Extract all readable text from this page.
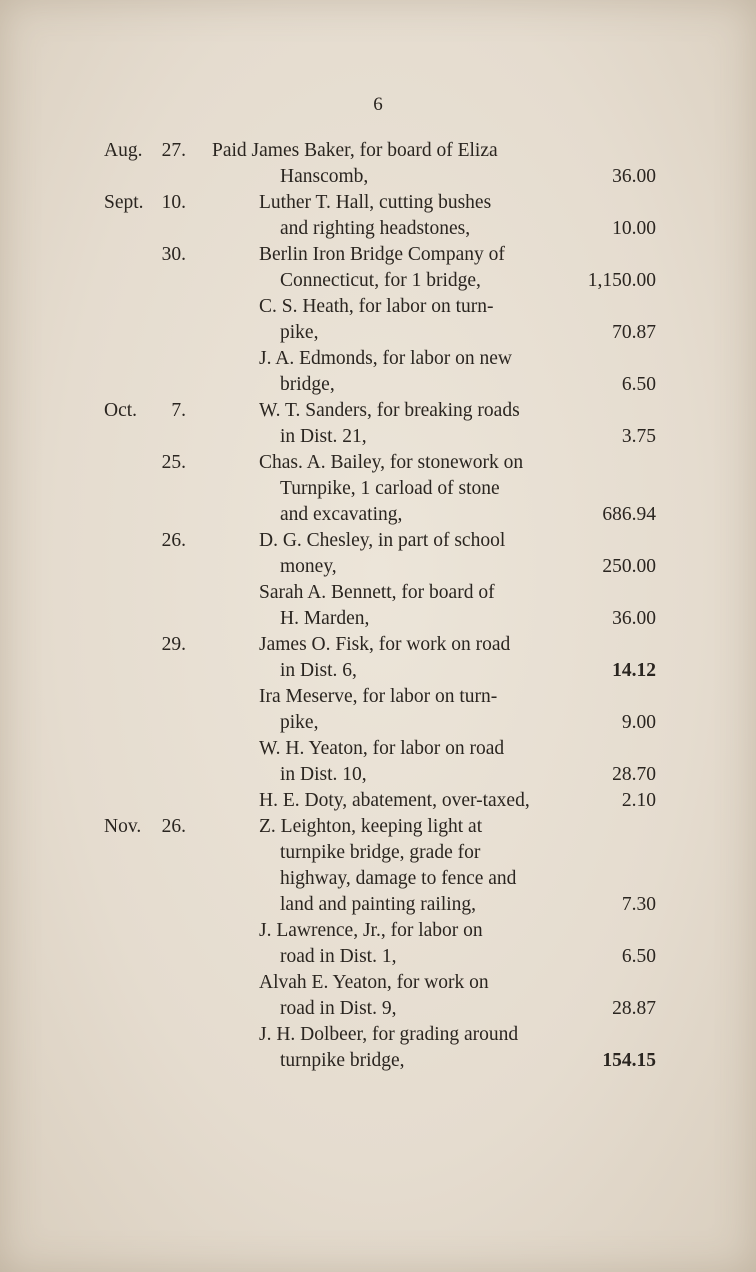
6
Aug. 27. Paid James Baker, for board of Eliza
Hanscomb,	36.00
Sept. 10.	Luther T. Hall, cutting bushes
and righting headstones,	10.00
30.	Berlin Iron Bridge Company of
Connecticut, for 1 bridge,	1,150.00
C. S. Heath, for labor on turn-
pike,	70.87
J. A. Edmonds, for labor on new
bridge,	6.50
Oct.	7.	W. T. Sanders, for breaking roads
in Dist. 21,	3.75
25.	Chas. A. Bailey, for stonework on
Turnpike, 1 carload of stone
and excavating,	686.94
26.	D. G. Chesley, in part of school
money,	250.00
Sarah A. Bennett, for board of
H. Marden,	36.00
29.	James O. Fisk, for work on road
in Dist. 6,	14.12
Ira Meserve, for labor on turn-
pike,	9.00
W. H. Yeaton, for labor on road
in Dist. 10,	28.70
H. E. Doty, abatement, over-taxed,	2.10
Nov.	26.	Z. Leighton, keeping light at
turnpike bridge, grade for
highway, damage to fence and
land and painting railing,	7.30
J. Lawrence, Jr., for labor on
road in Dist. 1,	6.50
Alvah E. Yeaton, for work on
road in Dist. 9,	28.87
J. H. Dolbeer, for grading around
turnpike bridge,	154.15
